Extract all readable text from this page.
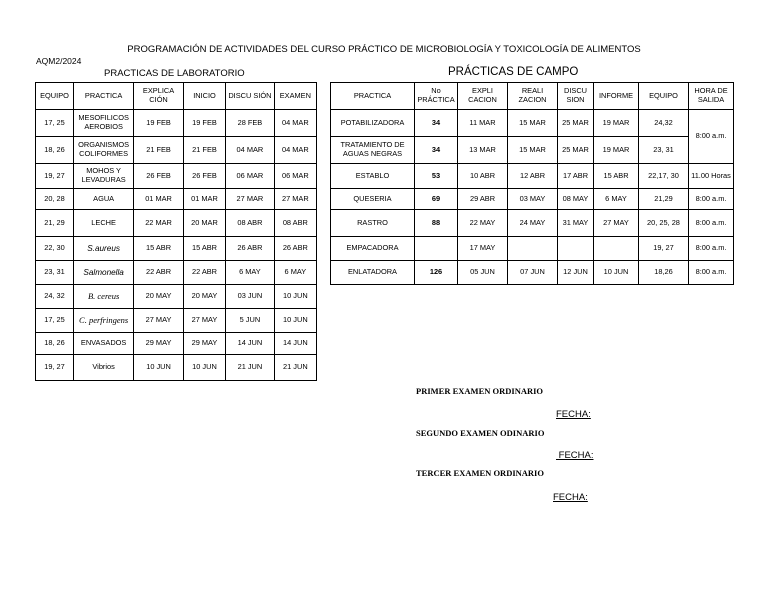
PROGRAMACIÓN DE ACTIVIDADES DEL CURSO PRÁCTICO DE MICROBIOLOGÍA Y TOXICOLOGÍA DE ALIMENTOS
AQM2/2024
PRACTICAS DE LABORATORIO	PRÁCTICAS DE CAMPO
EQUIPO	PRACTICA	EXPLICA CIÓN	INICIO	DISCU SIÓN	EXAMEN
17, 25	MESOFILICOS AEROBIOS	19 FEB	19 FEB	28 FEB	04 MAR
18, 26	ORGANISMOS COLIFORMES	21 FEB	21 FEB	04 MAR	04 MAR
19, 27	MOHOS Y LEVADURAS	26 FEB	26 FEB	06 MAR	06 MAR
20, 28	AGUA	01 MAR	01 MAR	27 MAR	27 MAR
21, 29	LECHE	22 MAR	20 MAR	08 ABR	08 ABR
22, 30	S.aureus	15 ABR	15 ABR	26 ABR	26 ABR
23, 31	Salmonella	22 ABR	22 ABR	6 MAY	6 MAY
24, 32	B. cereus	20 MAY	20 MAY	03 JUN	10 JUN
17, 25	C. perfringens	27 MAY	27 MAY	5 JUN	10 JUN
18, 26	ENVASADOS	29 MAY	29 MAY	14 JUN	14 JUN
19, 27	Vibrios	10 JUN	10 JUN	21 JUN	21 JUN
PRACTICA	No PRÁCTICA	EXPLI CACION	REALI ZACION	DISCU SION	INFORME	EQUIPO	HORA DE SALIDA
POTABILIZADORA	34	11 MAR	15 MAR	25 MAR	19 MAR	24,32	8:00 a.m.
TRATAMIENTO DE AGUAS NEGRAS	34	13 MAR	15 MAR	25 MAR	19 MAR	23, 31	
ESTABLO	53	10 ABR	12 ABR	17 ABR	15 ABR	22,17, 30	11.00 Horas
QUESERIA	69	29 ABR	03 MAY	08 MAY	6 MAY	21,29	8:00 a.m.
RASTRO	88	22 MAY	24 MAY	31 MAY	27 MAY	20, 25, 28	8:00 a.m.
EMPACADORA		17 MAY				19, 27	8:00 a.m.
ENLATADORA	126	05 JUN	07 JUN	12 JUN	10 JUN	18,26	8:00 a.m.
PRIMER EXAMEN ORDINARIO
FECHA:
SEGUNDO EXAMEN ODINARIO
FECHA:
TERCER EXAMEN ORDINARIO
FECHA:
